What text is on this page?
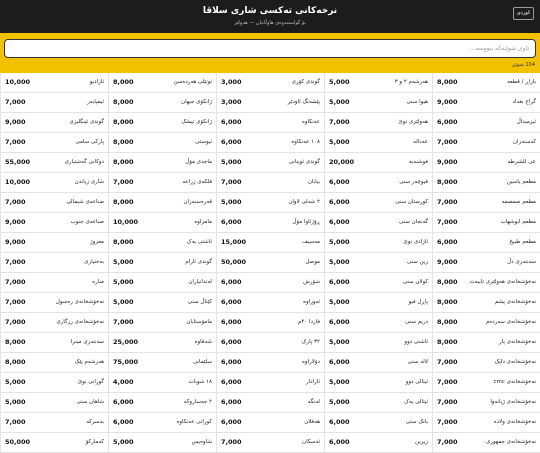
نرخەکانی تەکسی شاری سلاڤا
بۆ گواستنەوەی هاوڵاتیان — هەولێر
کوردی
ناوی شوێنەکە بنووسە...
104 شوێن
بازاڕ / قطعه
8,000
گراج بغداد
9,000
ئیزمیداڵ
6,000
کەستەزان
7,000
عی للشرطه
9,000
مطعم یاسین
8,000
مطعم صمصمە
7,000
مطعم ابوشهاب
7,000
مطعم طبیخ
6,000
سەنتەری دڵ
9,000
نەخۆشخانەی هەولێری تایبەت
8,000
نەخۆشخانەی پشم
8,000
نەخۆشخانەی سەردەم
8,000
نەخۆشخانەی پار
8,000
نەخۆشخانەی داپک
7,000
نەخۆشخانەی cmc
7,000
نەخۆشخانەی ژیانەوا
7,000
نەخۆشخانەی ولادە
7,000
نەخۆشخانەی جمهوری
7,000
هەرشەم ۲ و ۳
5,000
هیوا سنی
5,000
هەولێری نوێ
7,000
عەداله
5,000
فوشنەیە
20,000
فیوچەر سنی
6,000
کورستان سنی
6,000
گەنجان سنی
6,000
ئازادی نوێ
5,000
زین سنی
5,000
کولان سنی
6,000
پاڕل فیو
5,000
دریم سنی
6,000
ئاشتی دوو
5,000
لالە سنی
6,000
ئیتالی دوو
5,000
ئیتالی یەک
5,000
باتک سنی
6,000
زیرین
6,000
گوندی کۆری
3,000
پێشەنگ ئاودێر
3,000
عەنکاوە
6,000
۱۰۸ عەنکاوە
6,000
گوندی ئوینانی
5,000
بیابان
7,000
۲ شەلی لاوان
5,000
ڕۆژئاوا مۆڵ
6,000
مەسیف
15,000
موصل
50,000
شۆرش
6,000
ئەوراوه
6,000
فاردا ۴۰م
6,000
۳۲ پارک
6,000
دۆلاراوه
6,000
ئازادار
6,000
لەنگە
6,000
هەفلان
6,000
ئەسکان
7,000
ئوتێلی هەردەسن
8,000
ژانکۆی جیهان
8,000
ژانکۆی تیشک
8,000
ئیوستی
8,000
ماجدی مۆڵ
8,000
فلکەی زراعه
7,000
قەرەسنەزان
8,000
مامزاوه
10,000
ئاشتی یەک
8,000
گوندی ئارام
5,000
لەندانیاران
5,000
کێتاڵ سنی
5,000
مامۆستایان
7,000
شەقاوه
25,000
سلێمانی
75,000
۱۸ شوبات
4,000
۲ جەساروکە
6,000
کوراتی عەنکاوە
6,000
شاوەیس
5,000
ئازادیو
10,000
ئیمپایەر
7,000
گوندی ئینگلیزی
9,000
پارکی سامی
7,000
دوکانی گەشتیاری
55,000
شاری زیاندن
10,000
صناعەی شیمالی
7,000
صناعەی جنوب
9,000
معروژ
9,000
بەختیاری
7,000
مناره
7,000
نەخۆشخانەی رەسول
7,000
نەخۆشخانەی رزگاری
7,000
سەنتەری مینرا
8,000
هەرشەم پێک
8,000
گورانی نوێ
5,000
شاهان سنی
5,000
بەسرکە
7,000
کەمارکۆ
50,000
